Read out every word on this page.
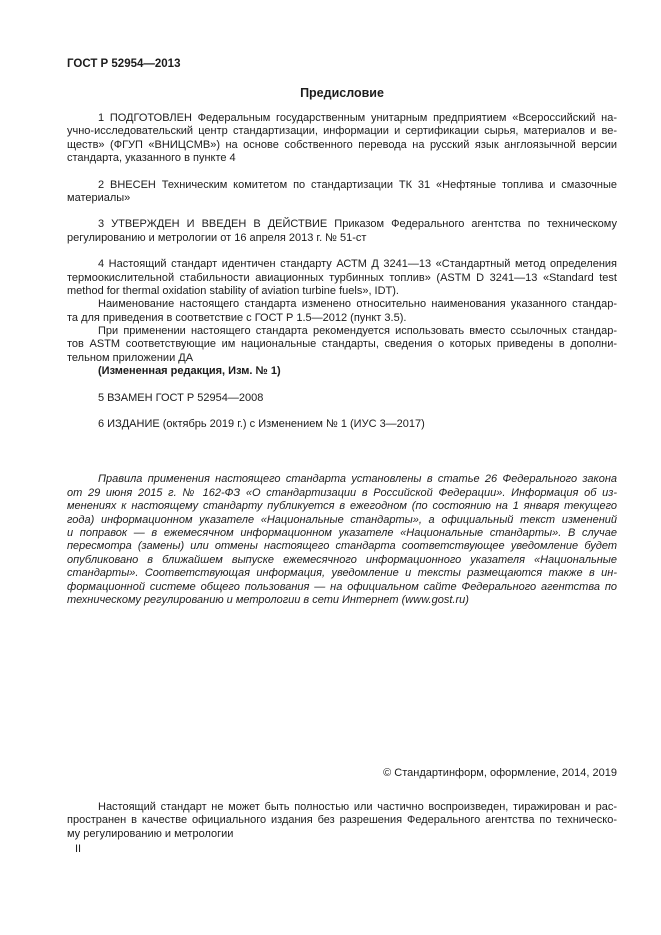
ГОСТ Р 52954—2013
Предисловие
1 ПОДГОТОВЛЕН Федеральным государственным унитарным предприятием «Всероссийский на-
учно-исследовательский центр стандартизации, информации и сертификации сырья, материалов и ве-
ществ» (ФГУП «ВНИЦСМВ») на основе собственного перевода на русский язык англоязычной версии
стандарта, указанного в пункте 4
2 ВНЕСЕН Техническим комитетом по стандартизации ТК 31 «Нефтяные топлива и смазочные
материалы»
3 УТВЕРЖДЕН И ВВЕДЕН В ДЕЙСТВИЕ Приказом Федерального агентства по техническому
регулированию и метрологии от 16 апреля 2013 г. № 51-ст
4 Настоящий стандарт идентичен стандарту АСТМ Д 3241—13 «Стандартный метод определения
термоокислительной стабильности авиационных турбинных топлив» (ASTM D 3241—13 «Standard test
method for thermal oxidation stability of aviation turbine fuels», IDT).
Наименование настоящего стандарта изменено относительно наименования указанного стандар-
та для приведения в соответствие с ГОСТ Р 1.5—2012 (пункт 3.5).
При применении настоящего стандарта рекомендуется использовать вместо ссылочных стандар-
тов ASTM соответствующие им национальные стандарты, сведения о которых приведены в дополни-
тельном приложении ДА
(Измененная редакция, Изм. № 1)
5 ВЗАМЕН ГОСТ Р 52954—2008
6 ИЗДАНИЕ (октябрь 2019 г.) с Изменением № 1 (ИУС 3—2017)
Правила применения настоящего стандарта установлены в статье 26 Федерального закона
от 29 июня 2015 г. № 162-ФЗ «О стандартизации в Российской Федерации». Информация об из-
менениях к настоящему стандарту публикуется в ежегодном (по состоянию на 1 января текущего
года) информационном указателе «Национальные стандарты», а официальный текст изменений
и поправок — в ежемесячном информационном указателе «Национальные стандарты». В случае
пересмотра (замены) или отмены настоящего стандарта соответствующее уведомление будет
опубликовано в ближайшем выпуске ежемесячного информационного указателя «Национальные
стандарты». Соответствующая информация, уведомление и тексты размещаются также в ин-
формационной системе общего пользования — на официальном сайте Федерального агентства по
техническому регулированию и метрологии в сети Интернет (www.gost.ru)
© Стандартинформ, оформление, 2014, 2019
Настоящий стандарт не может быть полностью или частично воспроизведен, тиражирован и рас-
пространен в качестве официального издания без разрешения Федерального агентства по техническо-
му регулированию и метрологии
II
